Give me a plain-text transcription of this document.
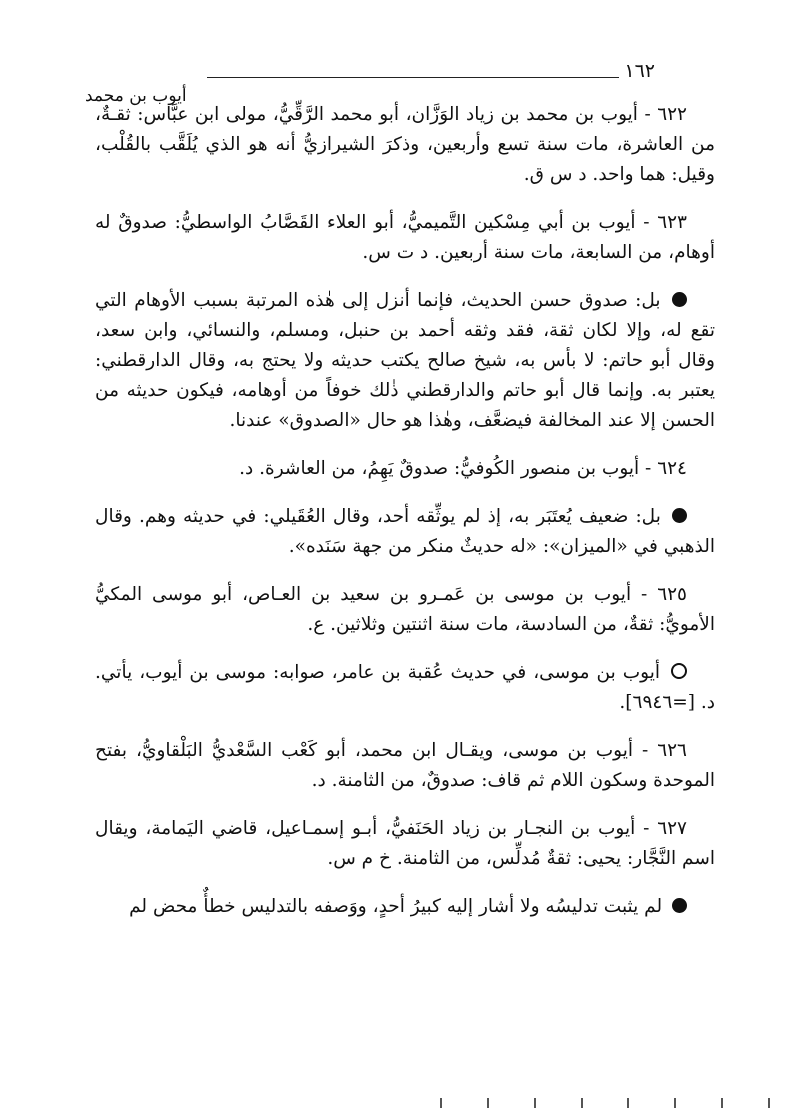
١٦٢
أيوب بن محمد

٦٢٢ - أيوب بن محمد بن زياد الوَزَّان، أبو محمد الرَّقِّيُّ، مولى ابن عبَّاس: ثقـةٌ، من العاشرة، مات سنة تسع وأربعين، وذكرَ الشيرازيُّ أنه هو الذي يُلَقَّب بالقُلْب، وقيل: هما واحد. د س ق.

٦٢٣ - أيوب بن أبي مِسْكين التَّميميُّ، أبو العلاء القَصَّابُ الواسطيُّ: صدوقٌ له أوهام، من السابعة، مات سنة أربعين. د ت س.

بل: صدوق حسن الحديث، فإنما أنزل إلى هٰذه المرتبة بسبب الأوهام التي تقع له، وإلا لكان ثقة، فقد وثقه أحمد بن حنبل، ومسلم، والنسائي، وابن سعد، وقال أبو حاتم: لا بأس به، شيخ صالح يكتب حديثه ولا يحتج به، وقال الدارقطني: يعتبر به. وإنما قال أبو حاتم والدارقطني ذٰلك خوفاً من أوهامه، فيكون حديثه من الحسن إلا عند المخالفة فيضعَّف، وهٰذا هو حال «الصدوق» عندنا.

٦٢٤ - أيوب بن منصور الكُوفيُّ: صدوقٌ يَهِمُ، من العاشرة. د.

بل: ضعيف يُعتَبَر به، إذ لم يوثِّقه أحد، وقال العُقَيلي: في حديثه وهم. وقال الذهبي في «الميزان»: «له حديثٌ منكر من جهة سَنَده».

٦٢٥ - أيوب بن موسى بن عَمـرو بن سعيد بن العـاص، أبو موسى المكيُّ الأمويُّ: ثقةٌ، من السادسة، مات سنة اثنتين وثلاثين. ع.

أيوب بن موسى، في حديث عُقبة بن عامر، صوابه: موسى بن أيوب، يأتي. د. [=٦٩٤٦].

٦٢٦ - أيوب بن موسى، ويقـال ابن محمد، أبو كَعْب السَّعْديُّ البَلْقاويُّ، بفتح الموحدة وسكون اللام ثم قاف: صدوقٌ، من الثامنة. د.

٦٢٧ - أيوب بن النجـار بن زياد الحَنَفيُّ، أبـو إسمـاعيل، قاضي اليَمامة، ويقال اسم النَّجَّار: يحيى: ثقةٌ مُدلِّس، من الثامنة. خ م س.

لم يثبت تدليسُه ولا أشار إليه كبيرُ أحدٍ، ووَصفه بالتدليس خطأٌ محض لم
